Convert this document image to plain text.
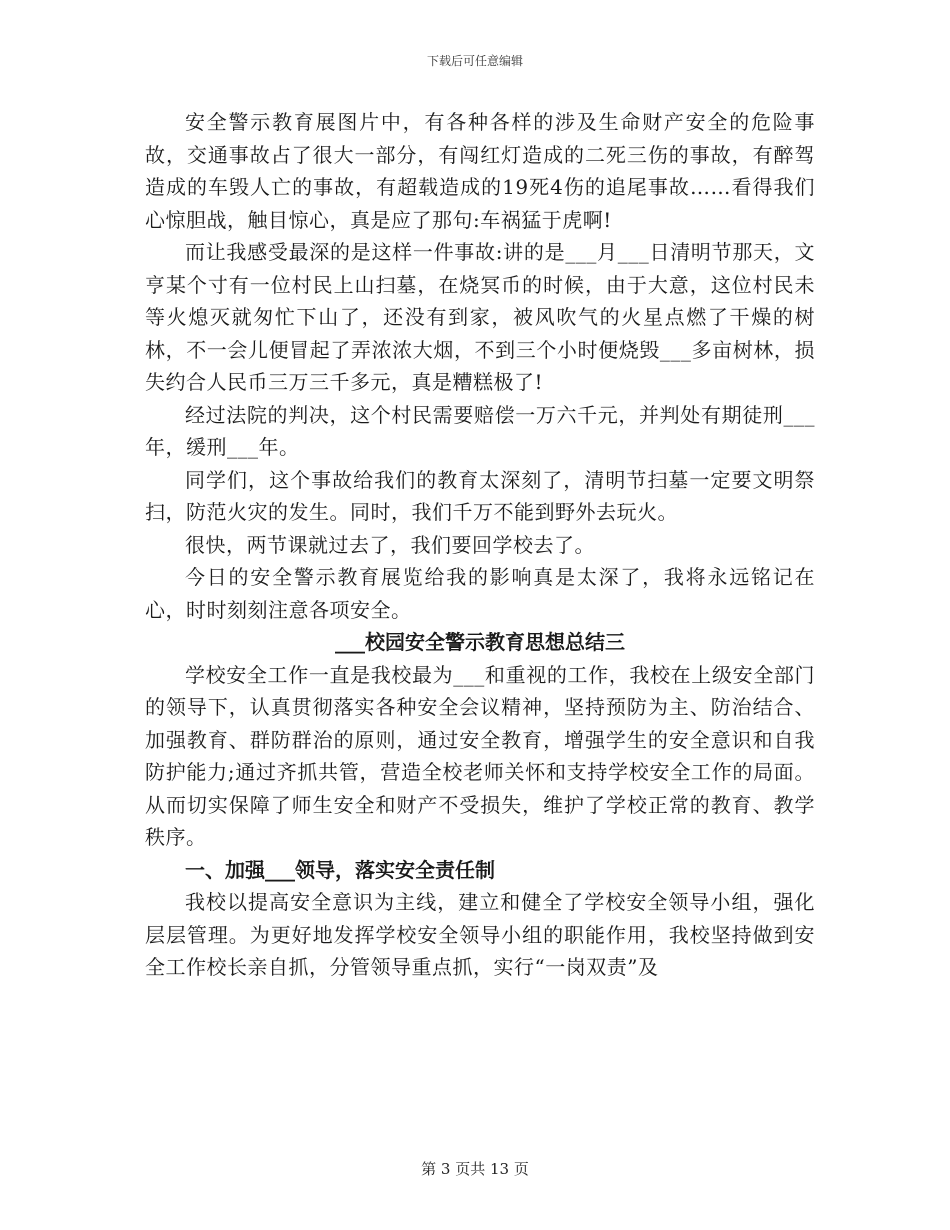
下载后可任意编辑

安全警示教育展图片中，有各种各样的涉及生命财产安全的危险事故，交通事故占了很大一部分，有闯红灯造成的二死三伤的事故，有醉驾造成的车毁人亡的事故，有超载造成的19死4伤的追尾事故……看得我们心惊胆战，触目惊心，真是应了那句:车祸猛于虎啊!

而让我感受最深的是这样一件事故:讲的是___月___日清明节那天，文亨某个寸有一位村民上山扫墓，在烧冥币的时候，由于大意，这位村民未等火熄灭就匆忙下山了，还没有到家，被风吹气的火星点燃了干燥的树林，不一会儿便冒起了弄浓浓大烟，不到三个小时便烧毁___多亩树林，损失约合人民币三万三千多元，真是糟糕极了!

经过法院的判决，这个村民需要赔偿一万六千元，并判处有期徒刑___年，缓刑___年。

同学们，这个事故给我们的教育太深刻了，清明节扫墓一定要文明祭扫，防范火灾的发生。同时，我们千万不能到野外去玩火。

很快，两节课就过去了，我们要回学校去了。

今日的安全警示教育展览给我的影响真是太深了，我将永远铭记在心，时时刻刻注意各项安全。

___校园安全警示教育思想总结三

学校安全工作一直是我校最为___和重视的工作，我校在上级安全部门的领导下，认真贯彻落实各种安全会议精神，坚持预防为主、防治结合、加强教育、群防群治的原则，通过安全教育，增强学生的安全意识和自我防护能力;通过齐抓共管，营造全校老师关怀和支持学校安全工作的局面。从而切实保障了师生安全和财产不受损失，维护了学校正常的教育、教学秩序。

一、加强___领导，落实安全责任制

我校以提高安全意识为主线，建立和健全了学校安全领导小组，强化层层管理。为更好地发挥学校安全领导小组的职能作用，我校坚持做到安全工作校长亲自抓，分管领导重点抓，实行“一岗双责”及

第 3 页共 13 页
